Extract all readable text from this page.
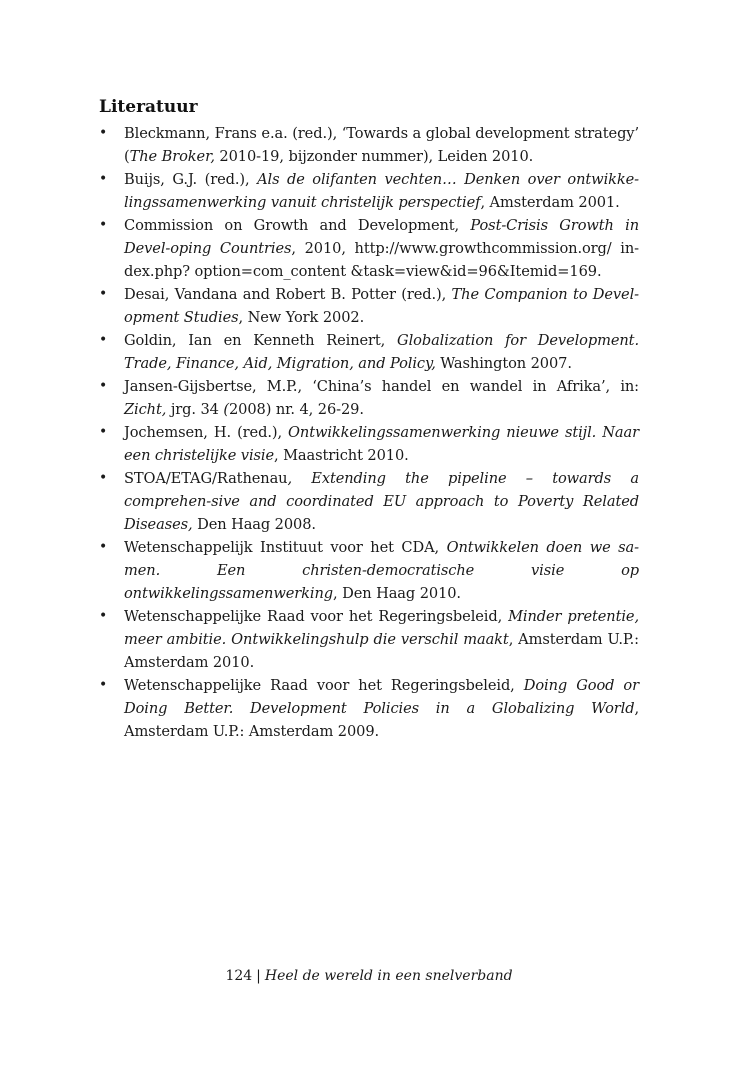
Literatuur
• Bleckmann, Frans e.a. (red.), ‘Towards a global development strategy’ (The Broker, 2010-19, bijzonder nummer), Leiden 2010.
• Buijs, G.J. (red.), Als de olifanten vechten… Denken over ontwikke-lingssamenwerking vanuit christelijk perspectief, Amsterdam 2001.
• Commission on Growth and Development, Post-Crisis Growth in Devel-oping Countries, 2010, http://www.growthcommission.org/ in-dex.php? option=com_content &task=view&id=96&Itemid=169.
• Desai, Vandana and Robert B. Potter (red.), The Companion to Devel-opment Studies, New York 2002.
• Goldin, Ian en Kenneth Reinert, Globalization for Development. Trade, Finance, Aid, Migration, and Policy, Washington 2007.
• Jansen-Gijsbertse, M.P., ‘China’s handel en wandel in Afrika’, in: Zicht, jrg. 34 (2008) nr. 4, 26-29.
• Jochemsen, H. (red.), Ontwikkelingssamenwerking nieuwe stijl. Naar een christelijke visie, Maastricht 2010.
• STOA/ETAG/Rathenau, Extending the pipeline – towards a comprehen-sive and coordinated EU approach to Poverty Related Diseases, Den Haag 2008.
• Wetenschappelijk Instituut voor het CDA, Ontwikkelen doen we sa-men. Een christen-democratische visie op ontwikkelingssamenwerking, Den Haag 2010.
• Wetenschappelijke Raad voor het Regeringsbeleid, Minder pretentie, meer ambitie. Ontwikkelingshulp die verschil maakt, Amsterdam U.P.: Amsterdam 2010.
• Wetenschappelijke Raad voor het Regeringsbeleid, Doing Good or Doing Better. Development Policies in a Globalizing World, Amsterdam U.P.: Amsterdam 2009.
124 | Heel de wereld in een snelverband
